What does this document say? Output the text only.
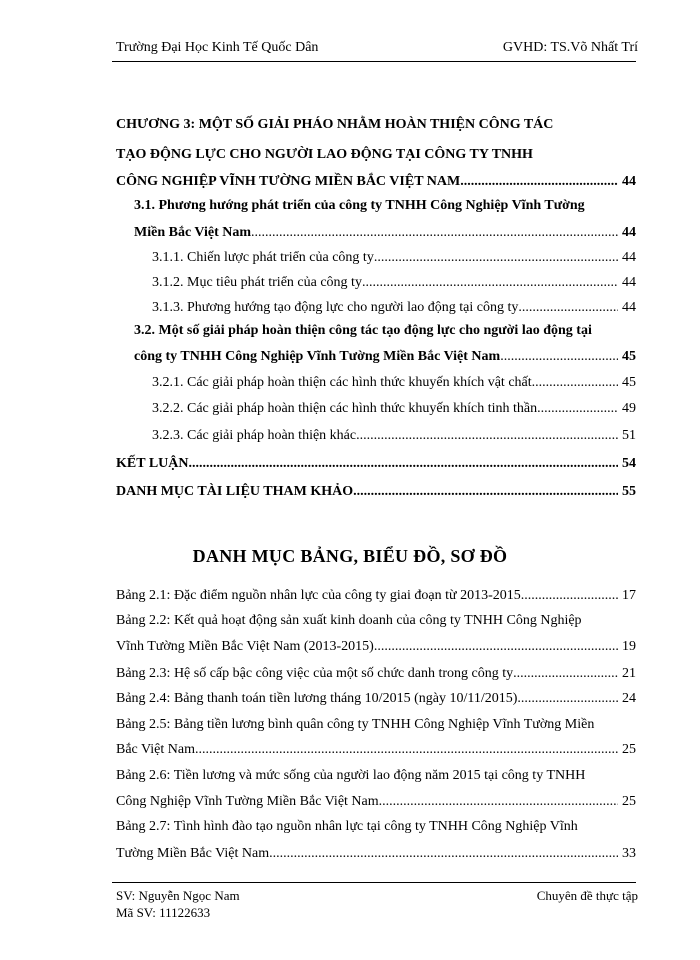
Trường Đại Học Kinh Tế Quốc Dân	GVHD: TS.Võ Nhất Trí
CHƯƠNG 3: MỘT SỐ GIẢI PHÁO NHẰM HOÀN THIỆN CÔNG TÁC
TẠO ĐỘNG LỰC CHO NGƯỜI LAO ĐỘNG TẠI CÔNG TY TNHH
CÔNG NGHIỆP VĨNH TƯỜNG MIỀN BẮC VIỆT NAM. .....	44
3.1. Phương hướng phát triển của công ty TNHH Công Nghiệp Vĩnh Tường
Miền Bắc Việt Nam .....	44
3.1.1. Chiến lược phát triển của công ty .....	44
3.1.2. Mục tiêu phát triển của công ty .....	44
3.1.3. Phương hướng tạo động lực cho người lao động tại công ty .....	44
3.2. Một số giải pháp hoàn thiện công tác tạo động lực cho người lao động tại
công ty TNHH Công Nghiệp Vĩnh Tường Miền Bắc Việt Nam .....	45
3.2.1. Các giải pháp hoàn thiện các hình thức khuyến khích vật chất .....	45
3.2.2. Các giải pháp hoàn thiện các hình thức khuyến khích tinh thần .....	49
3.2.3. Các giải pháp hoàn thiện khác .....	51
KẾT LUẬN .....	54
DANH MỤC TÀI LIỆU THAM KHẢO .....	55
DANH MỤC BẢNG, BIỂU ĐỒ, SƠ ĐỒ
Bảng 2.1: Đặc điểm nguồn nhân lực của công ty giai đoạn từ 2013-2015 .....	17
Bảng 2.2: Kết quả hoạt động sản xuất kinh doanh của công ty TNHH Công Nghiệp
Vĩnh Tường Miền Bắc Việt Nam (2013-2015) .....	19
Bảng 2.3: Hệ số cấp bậc công việc của một số chức danh trong công ty .....	21
Bảng 2.4: Bảng thanh toán tiền lương tháng 10/2015 (ngày 10/11/2015) .....	24
Bảng 2.5: Bảng tiền lương bình quân công ty TNHH Công Nghiệp Vĩnh Tường Miền
Bắc Việt Nam. .....	25
Bảng 2.6: Tiền lương và mức sống của người lao động năm 2015 tại công ty TNHH
Công Nghiệp Vĩnh Tường Miền Bắc Việt Nam .....	25
Bảng 2.7: Tình hình đào tạo nguồn nhân lực tại công ty TNHH Công Nghiệp Vĩnh
Tường Miền Bắc Việt Nam. .....	33
SV: Nguyễn Ngọc Nam	Chuyên đề thực tập
Mã SV: 11122633
